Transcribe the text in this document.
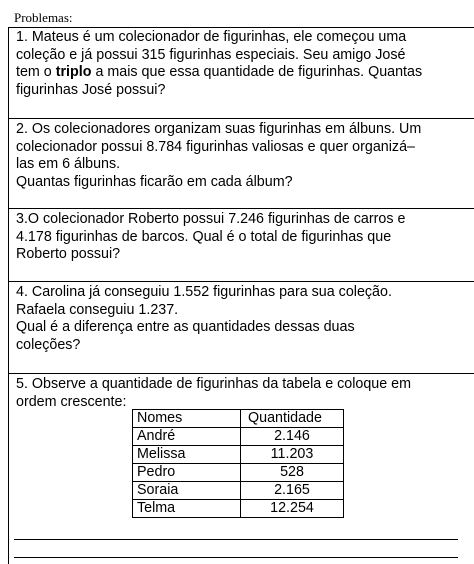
Problemas:
1. Mateus é um colecionador de figurinhas, ele começou uma
coleção e já possui 315 figurinhas especiais. Seu amigo José
tem o triplo a mais que essa quantidade de figurinhas. Quantas
figurinhas José possui?
2. Os colecionadores organizam suas figurinhas em álbuns. Um
colecionador possui 8.784 figurinhas valiosas e quer organizá–
las em 6 álbuns.
Quantas figurinhas ficarão em cada álbum?
3.O colecionador Roberto possui 7.246 figurinhas de carros e
4.178 figurinhas de barcos. Qual é o total de figurinhas que
Roberto possui?
4. Carolina já conseguiu 1.552 figurinhas para sua coleção.
Rafaela conseguiu 1.237.
Qual é a diferença entre as quantidades dessas duas
coleções?
5. Observe a quantidade de figurinhas da tabela e coloque em
ordem crescente:
Nomes	Quantidade
André	2.146
Melissa	11.203
Pedro	528
Soraia	2.165
Telma	12.254
